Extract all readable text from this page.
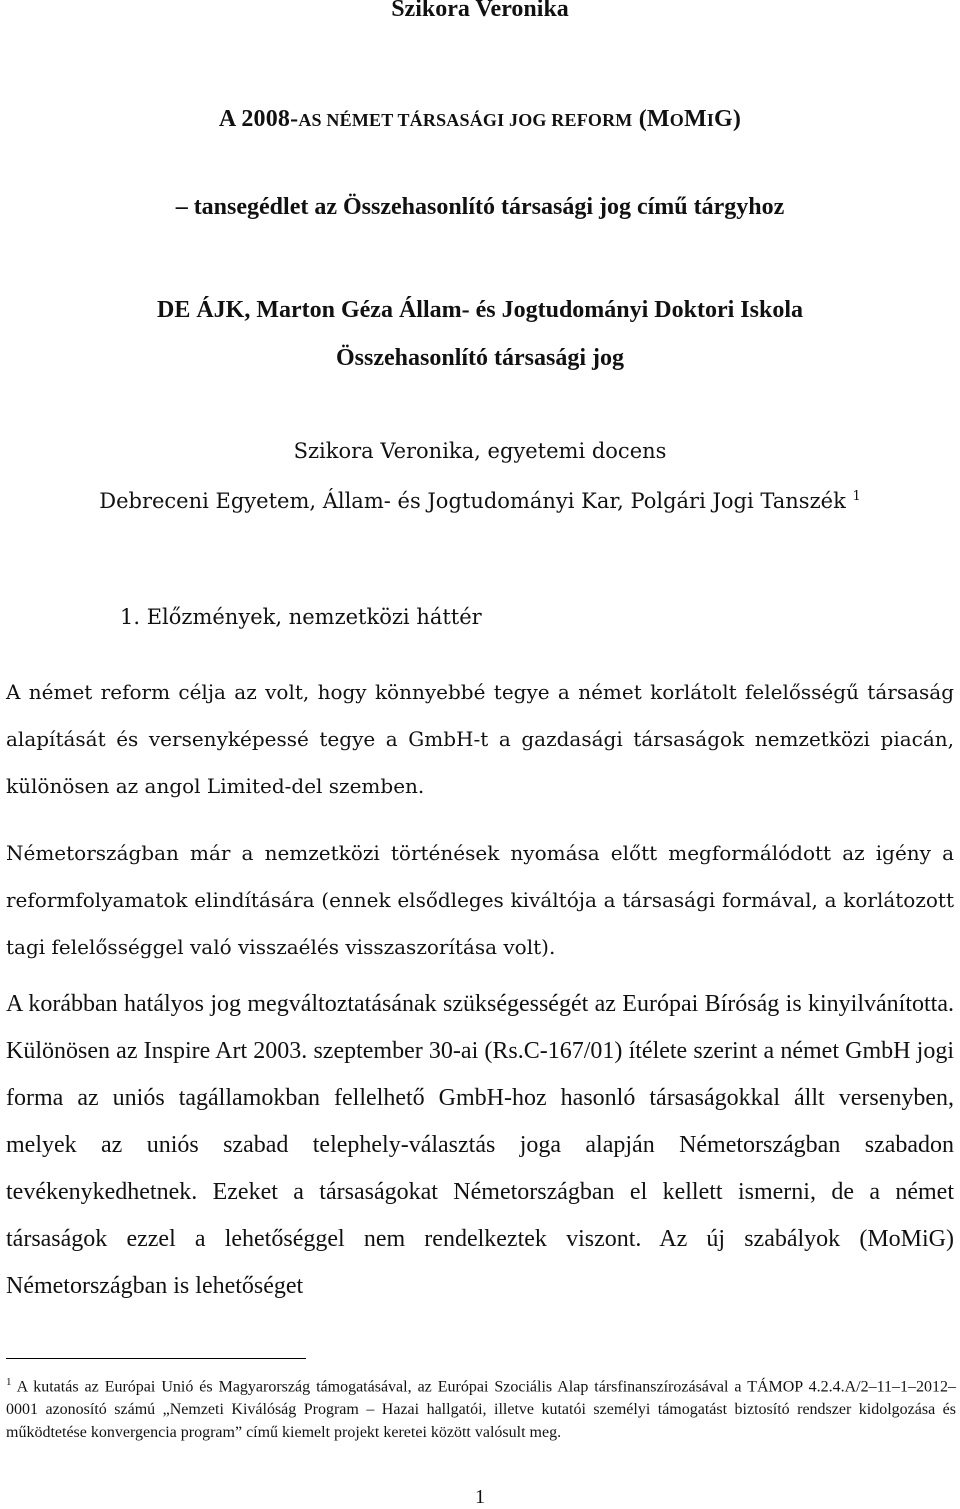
Szikora Veronika
A 2008-AS NÉMET TÁRSASÁGI JOG REFORM (MOMIG)
– tansegédlet az Összehasonlító társasági jog című tárgyhoz
DE ÁJK, Marton Géza Állam- és Jogtudományi Doktori Iskola
Összehasonlító társasági jog
Szikora Veronika, egyetemi docens
Debreceni Egyetem, Állam- és Jogtudományi Kar, Polgári Jogi Tanszék $^1$
1. Előzmények, nemzetközi háttér
A német reform célja az volt, hogy könnyebbé tegye a német korlátolt felelősségű társaság alapítását és versenyképessé tegye a GmbH-t a gazdasági társaságok nemzetközi piacán, különösen az angol Limited-del szemben.
Németországban már a nemzetközi történések nyomása előtt megformálódott az igény a reformfolyamatok elindítására (ennek elsődleges kiváltója a társasági formával, a korlátozott tagi felelősséggel való visszaélés visszaszorítása volt).
A korábban hatályos jog megváltoztatásának szükségességét az Európai Bíróság is kinyilvánította. Különösen az Inspire Art 2003. szeptember 30-ai (Rs.C-167/01) ítélete szerint a német GmbH jogi forma az uniós tagállamokban fellelhető GmbH-hoz hasonló társaságokkal állt versenyben, melyek az uniós szabad telephely-választás joga alapján Németországban szabadon tevékenykedhetnek. Ezeket a társaságokat Németországban el kellett ismerni, de a német társaságok ezzel a lehetőséggel nem rendelkeztek viszont. Az új szabályok (MoMiG) Németországban is lehetőséget
$^1$ A kutatás az Európai Unió és Magyarország támogatásával, az Európai Szociális Alap társfinanszírozásával a TÁMOP 4.2.4.A/2–11–1–2012–0001 azonosító számú „Nemzeti Kiválóság Program – Hazai hallgatói, illetve kutatói személyi támogatást biztosító rendszer kidolgozása és működtetése konvergencia program” című kiemelt projekt keretei között valósult meg.
1
